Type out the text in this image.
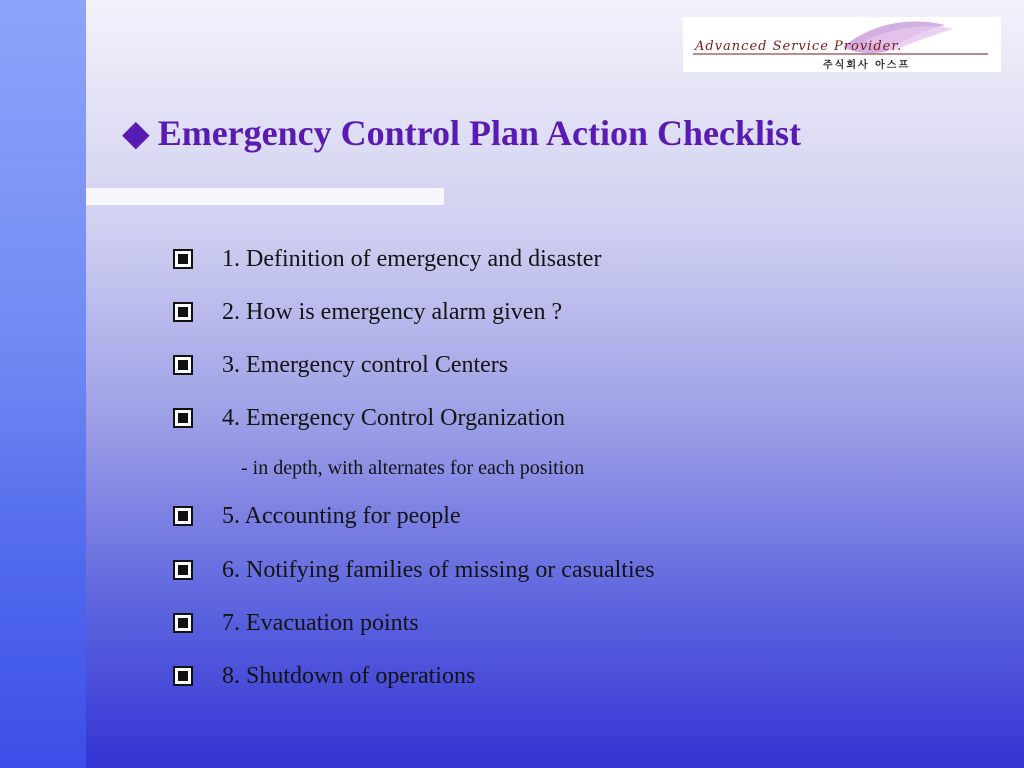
Advanced Service Provider.
주식회사 아스프
◆ Emergency Control Plan Action Checklist
1. Definition of emergency and disaster
2. How is emergency alarm given ?
3. Emergency control Centers
4. Emergency Control Organization
- in depth, with alternates for each position
5. Accounting for people
6. Notifying families of missing or casualties
7. Evacuation points
8. Shutdown of operations
